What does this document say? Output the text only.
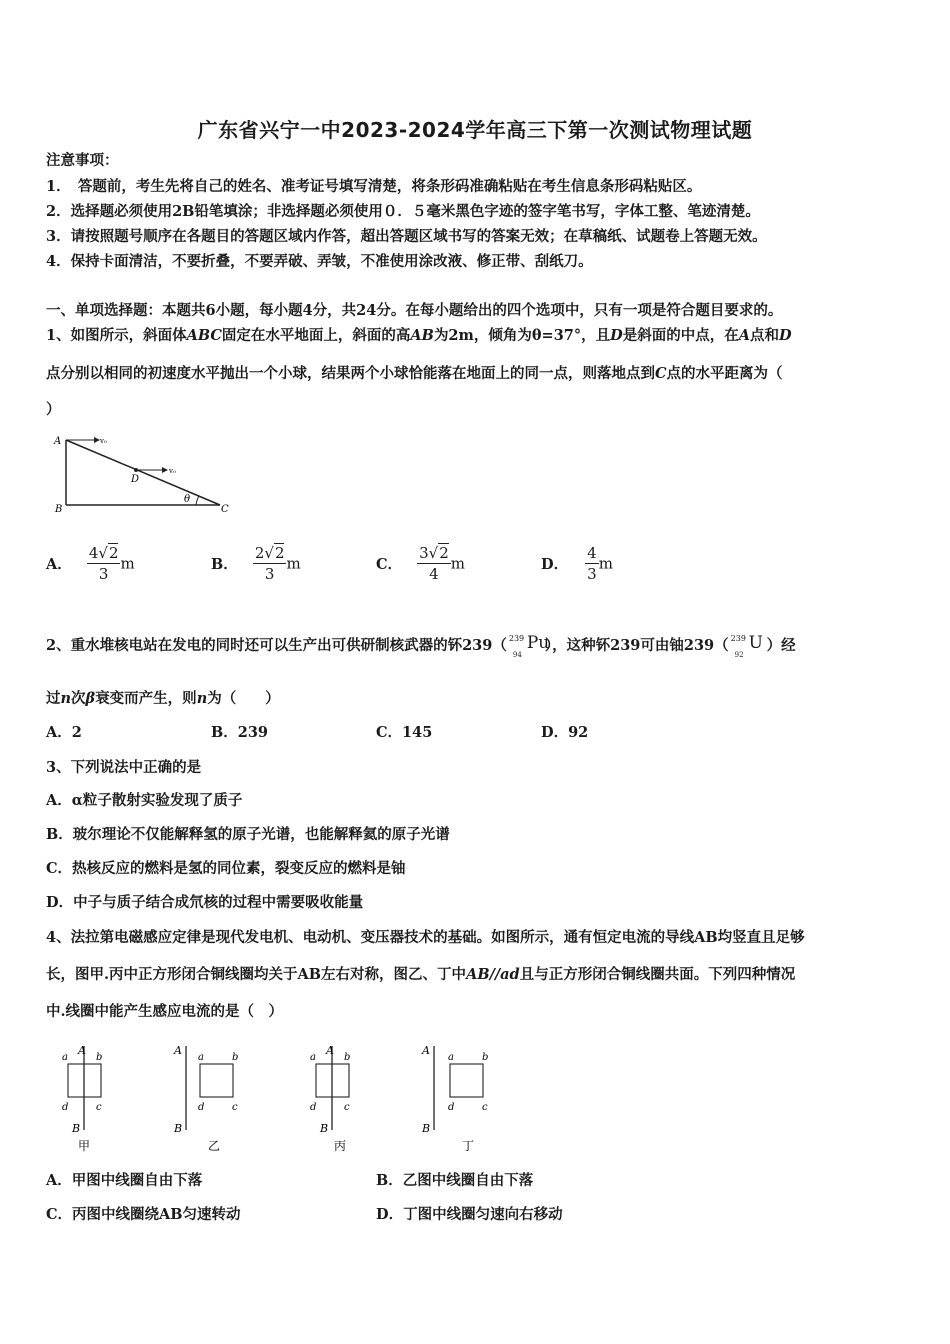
广东省兴宁一中2023-2024学年高三下第一次测试物理试题
注意事项：
1．　答题前，考生先将自己的姓名、准考证号填写清楚，将条形码准确粘贴在考生信息条形码粘贴区。
2．选择题必须使用2B铅笔填涂；非选择题必须使用０．５毫米黑色字迹的签字笔书写，字体工整、笔迹清楚。
3．请按照题号顺序在各题目的答题区域内作答，超出答题区域书写的答案无效；在草稿纸、试题卷上答题无效。
4．保持卡面清洁，不要折叠，不要弄破、弄皱，不准使用涂改液、修正带、刮纸刀。
一、单项选择题：本题共6小题，每小题4分，共24分。在每小题给出的四个选项中，只有一项是符合题目要求的。
1、如图所示，斜面体ABC固定在水平地面上，斜面的高AB为2m，倾角为θ=37°，且D是斜面的中点，在A点和D
点分别以相同的初速度水平抛出一个小球，结果两个小球恰能落在地面上的同一点，则落地点到C点的水平距离为（
）
A
B	C
D
θ
v₀
v₀
A． $\frac{4√2}{3}$ m	B． $\frac{2√2}{3}$ m	C． $\frac{3√2}{4}$ m	D． $\frac{4}{3}$ m
2、重水堆核电站在发电的同时还可以生产出可供研制核武器的钚239（ 239
94
Pu
），这种钚239可由铀239（ 239
92
U ）经
过n次β衰变而产生，则n为（　　）
A．2	B．239	C．145	D．92
3、下列说法中正确的是
A．α粒子散射实验发现了质子
B．玻尔理论不仅能解释氢的原子光谱，也能解释氦的原子光谱
C．热核反应的燃料是氢的同位素，裂变反应的燃料是铀
D．中子与质子结合成氘核的过程中需要吸收能量
4、法拉第电磁感应定律是现代发电机、电动机、变压器技术的基础。如图所示，通有恒定电流的导线AB均竖直且足够
长，图甲.丙中正方形闭合铜线圈均关于AB左右对称，图乙、丁中AB//ad且与正方形闭合铜线圈共面。下列四种情况
中.线圈中能产生感应电流的是（　）
A
B
a	b
d	c
甲
A
B
a	b
d	c
乙
A
B
a	b
d	c
丙
A
B
a	b
d	c
丁
A．甲图中线圈自由下落	B．乙图中线圈自由下落
C．丙图中线圈绕AB匀速转动	D．丁图中线圈匀速向右移动
